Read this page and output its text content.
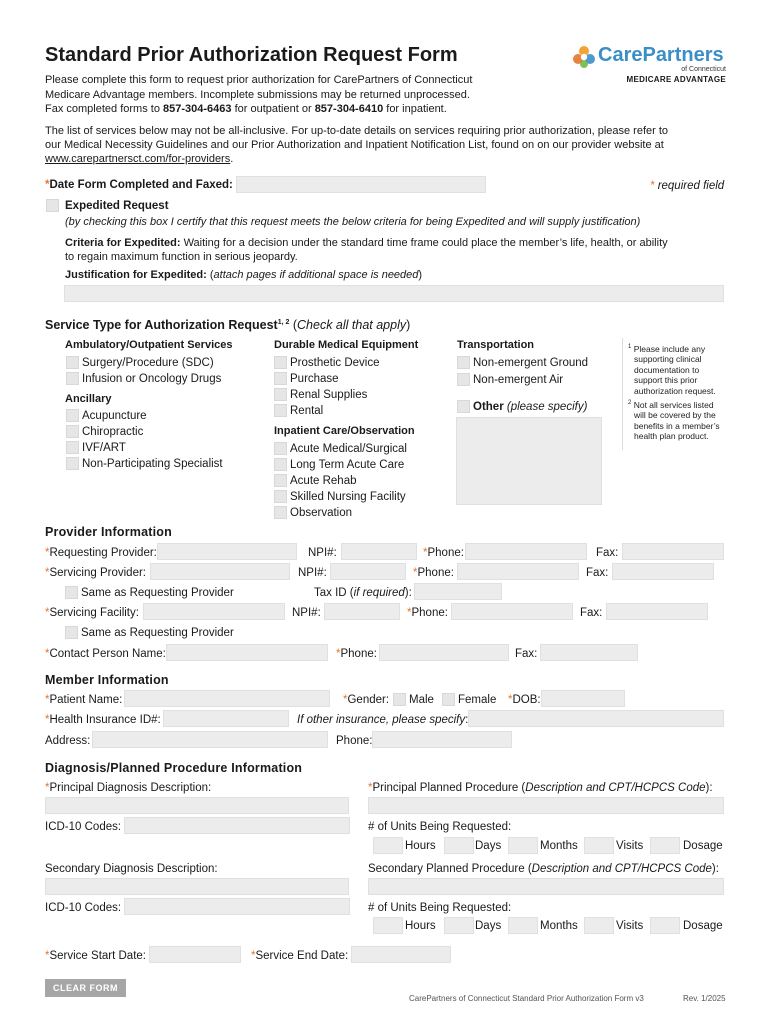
Standard Prior Authorization Request Form	CarePartners
of Connecticut
MEDICARE ADVANTAGE
Please complete this form to request prior authorization for CarePartners of Connecticut
Medicare Advantage members. Incomplete submissions may be returned unprocessed.
Fax completed forms to 857-304-6463 for outpatient or 857-304-6410 for inpatient.
The list of services below may not be all-inclusive. For up-to-date details on services requiring prior authorization, please refer to
our Medical Necessity Guidelines and our Prior Authorization and Inpatient Notification List, found on on our provider website at
www.carepartnersct.com/for-providers.
*Date Form Completed and Faxed:	* required field
Expedited Request
(by checking this box I certify that this request meets the below criteria for being Expedited and will supply justification)
Criteria for Expedited: Waiting for a decision under the standard time frame could place the member’s life, health, or ability
to regain maximum function in serious jeopardy.
Justification for Expedited: (attach pages if additional space is needed)
Service Type for Authorization Request$^{1, 2}$ (Check all that apply)
Ambulatory/Outpatient Services
Surgery/Procedure (SDC)
Infusion or Oncology Drugs
Ancillary
Acupuncture
Chiropractic
IVF/ART
Non-Participating Specialist
Durable Medical Equipment
Prosthetic Device
Purchase
Renal Supplies
Rental
Inpatient Care/Observation
Acute Medical/Surgical
Long Term Acute Care
Acute Rehab
Skilled Nursing Facility
Observation
Transportation
Non-emergent Ground
Non-emergent Air
Other (please specify)
$^1$ Please include any
supporting clinical
documentation to
support this prior
authorization request.
$^2$ Not all services listed
will be covered by the
benefits in a member’s
health plan product.
Provider Information
*Requesting Provider:	NPI#:	*Phone:	Fax:
*Servicing Provider:	NPI#:	*Phone:	Fax:
Same as Requesting Provider	Tax ID (if required):
*Servicing Facility:	NPI#:	*Phone:	Fax:
Same as Requesting Provider
*Contact Person Name:	*Phone:	Fax:
Member Information
*Patient Name:	*Gender: Male Female *DOB:
*Health Insurance ID#:	If other insurance, please specify:
Address:	Phone:
Diagnosis/Planned Procedure Information
*Principal Diagnosis Description:	*Principal Planned Procedure (Description and CPT/HCPCS Code):
ICD-10 Codes:	# of Units Being Requested:
Hours	Days	Months	Visits	Dosage
Secondary Diagnosis Description:	Secondary Planned Procedure (Description and CPT/HCPCS Code):
ICD-10 Codes:	# of Units Being Requested:
Hours	Days	Months	Visits	Dosage
*Service Start Date:	*Service End Date:
CLEAR FORM
CarePartners of Connecticut Standard Prior Authorization Form v3	Rev. 1/2025
